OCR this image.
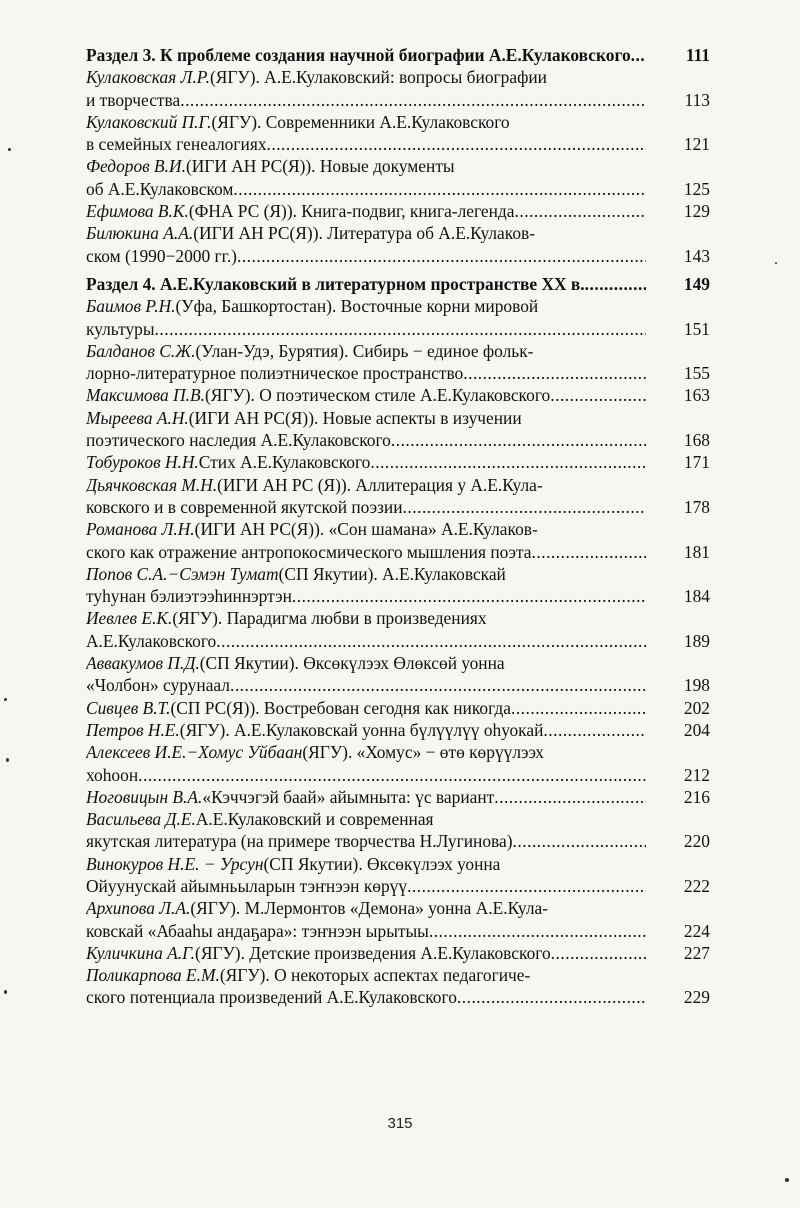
Раздел 3. К проблеме создания научной биографии А.Е.Кулаковского .....	111
Кулаковская Л.Р. (ЯГУ). А.Е.Кулаковский: вопросы биографии
и творчества .....	113
Кулаковский П.Г. (ЯГУ). Современники А.Е.Кулаковского
в семейных генеалогиях .....	121
Федоров В.И. (ИГИ АН РС(Я)). Новые документы
об А.Е.Кулаковском .....	125
Ефимова В.К. (ФНА РС (Я)). Книга-подвиг, книга-легенда .....	129
Билюкина А.А. (ИГИ АН РС(Я)). Литература об А.Е.Кулаков-
ском (1990−2000 гг.) .....	143
Раздел 4. А.Е.Кулаковский в литературном пространстве XX в. .....	149
Баимов Р.Н. (Уфа, Башкортостан). Восточные корни мировой
культуры .....	151
Балданов С.Ж. (Улан-Удэ, Бурятия). Сибирь − единое фольк-
лорно-литературное полиэтническое пространство .....	155
Максимова П.В. (ЯГУ). О поэтическом стиле А.Е.Кулаковского .....	163
Мыреева А.Н. (ИГИ АН РС(Я)). Новые аспекты в изучении
поэтического наследия А.Е.Кулаковского .....	168
Тобуроков Н.Н. Стих А.Е.Кулаковского .....	171
Дьячковская М.Н. (ИГИ АН РС (Я)). Аллитерация у А.Е.Кула-
ковского и в современной якутской поэзии .....	178
Романова Л.Н. (ИГИ АН РС(Я)). «Сон шамана» А.Е.Кулаков-
ского как отражение антропокосмического мышления поэта .....	181
Попов С.А.−Сэмэн Тумат (СП Якутии). А.Е.Кулаковскай
туһунан бэлиэтээһиннэртэн .....	184
Иевлев Е.К. (ЯГУ). Парадигма любви в произведениях
А.Е.Кулаковского .....	189
Аввакумов П.Д. (СП Якутии). Өксөкүлээх Өлөксөй уонна
«Чолбон» сурунаал .....	198
Сивцев В.Т. (СП РС(Я)). Востребован сегодня как никогда .....	202
Петров Н.Е. (ЯГУ). А.Е.Кулаковскай уонна бүлүүлүү оһуокай .....	204
Алексеев И.Е.−Хомус Уйбаан (ЯГУ). «Хомус» − өтө көрүүлээх
хоһоон .....	212
Ноговицын В.А. «Кэччэгэй баай» айымныта: үс вариант .....	216
Васильева Д.Е. А.Е.Кулаковский и современная
якутская литература (на примере творчества Н.Лугинова) .....	220
Винокуров Н.Е. − Урсун (СП Якутии). Өксөкүлээх уонна
Ойуунускай айымньыларын тэҥнээн көрүү .....	222
Архипова Л.А. (ЯГУ). М.Лермонтов «Демона» уонна А.Е.Кула-
ковскай «Абааһы андаҕара»: тэҥнээн ырытыы .....	224
Куличкина А.Г. (ЯГУ). Детские произведения А.Е.Кулаковского .....	227
Поликарпова Е.М. (ЯГУ). О некоторых аспектах педагогиче-
ского потенциала произведений А.Е.Кулаковского .....	229
315
